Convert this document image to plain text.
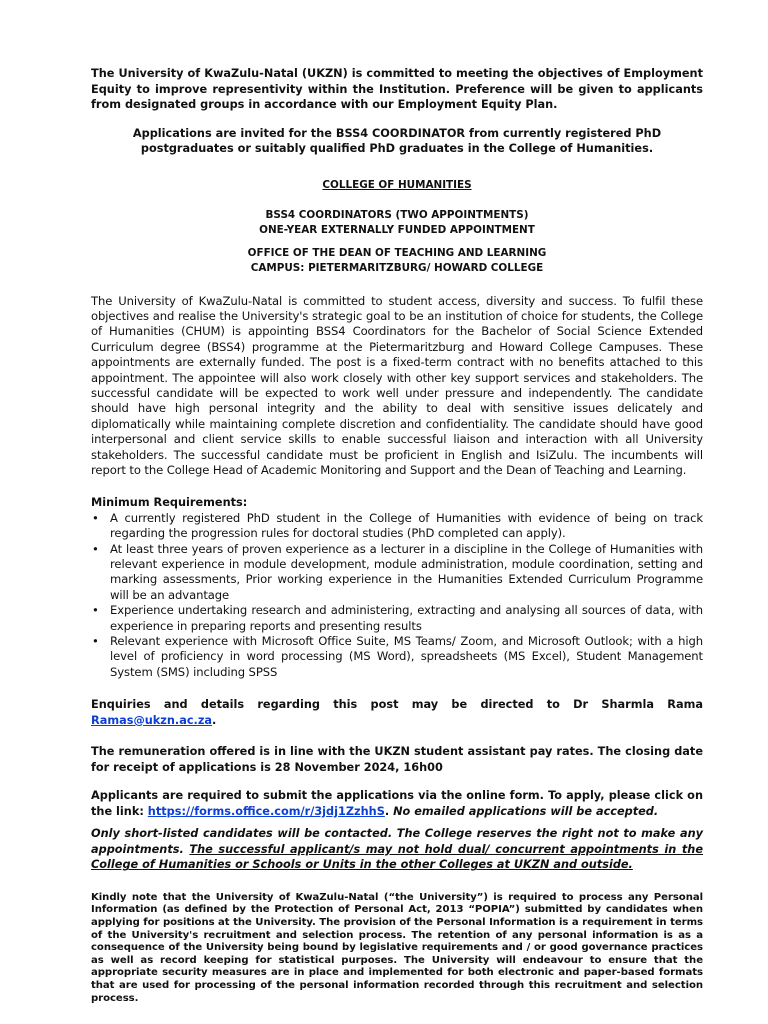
The University of KwaZulu-Natal (UKZN) is committed to meeting the objectives of Employment Equity to improve representivity within the Institution. Preference will be given to applicants from designated groups in accordance with our Employment Equity Plan.

Applications are invited for the BSS4 COORDINATOR from currently registered PhD postgraduates or suitably qualified PhD graduates in the College of Humanities.

COLLEGE OF HUMANITIES

BSS4 COORDINATORS (TWO APPOINTMENTS)

ONE-YEAR EXTERNALLY FUNDED APPOINTMENT

OFFICE OF THE DEAN OF TEACHING AND LEARNING

CAMPUS: PIETERMARITZBURG/ HOWARD COLLEGE

The University of KwaZulu-Natal is committed to student access, diversity and success. To fulfil these objectives and realise the University's strategic goal to be an institution of choice for students, the College of Humanities (CHUM) is appointing BSS4 Coordinators for the Bachelor of Social Science Extended Curriculum degree (BSS4) programme at the Pietermaritzburg and Howard College Campuses. These appointments are externally funded. The post is a fixed-term contract with no benefits attached to this appointment. The appointee will also work closely with other key support services and stakeholders. The successful candidate will be expected to work well under pressure and independently. The candidate should have high personal integrity and the ability to deal with sensitive issues delicately and diplomatically while maintaining complete discretion and confidentiality. The candidate should have good interpersonal and client service skills to enable successful liaison and interaction with all University stakeholders. The successful candidate must be proficient in English and IsiZulu. The incumbents will report to the College Head of Academic Monitoring and Support and the Dean of Teaching and Learning.

Minimum Requirements:

• A currently registered PhD student in the College of Humanities with evidence of being on track regarding the progression rules for doctoral studies (PhD completed can apply).
• At least three years of proven experience as a lecturer in a discipline in the College of Humanities with relevant experience in module development, module administration, module coordination, setting and marking assessments, Prior working experience in the Humanities Extended Curriculum Programme will be an advantage
• Experience undertaking research and administering, extracting and analysing all sources of data, with experience in preparing reports and presenting results
• Relevant experience with Microsoft Office Suite, MS Teams/ Zoom, and Microsoft Outlook; with a high level of proficiency in word processing (MS Word), spreadsheets (MS Excel), Student Management System (SMS) including SPSS

Enquiries and details regarding this post may be directed to Dr Sharmla Rama Ramas@ukzn.ac.za.

The remuneration offered is in line with the UKZN student assistant pay rates. The closing date for receipt of applications is 28 November 2024, 16h00

Applicants are required to submit the applications via the online form. To apply, please click on the link: https://forms.office.com/r/3jdj1ZzhhS. No emailed applications will be accepted.

Only short-listed candidates will be contacted. The College reserves the right not to make any appointments. The successful applicant/s may not hold dual/ concurrent appointments in the College of Humanities or Schools or Units in the other Colleges at UKZN and outside.

Kindly note that the University of KwaZulu-Natal (“the University”) is required to process any Personal Information (as defined by the Protection of Personal Act, 2013 “POPIA”) submitted by candidates when applying for positions at the University. The provision of the Personal Information is a requirement in terms of the University's recruitment and selection process. The retention of any personal information is as a consequence of the University being bound by legislative requirements and / or good governance practices as well as record keeping for statistical purposes. The University will endeavour to ensure that the appropriate security measures are in place and implemented for both electronic and paper-based formats that are used for processing of the personal information recorded through this recruitment and selection process.
